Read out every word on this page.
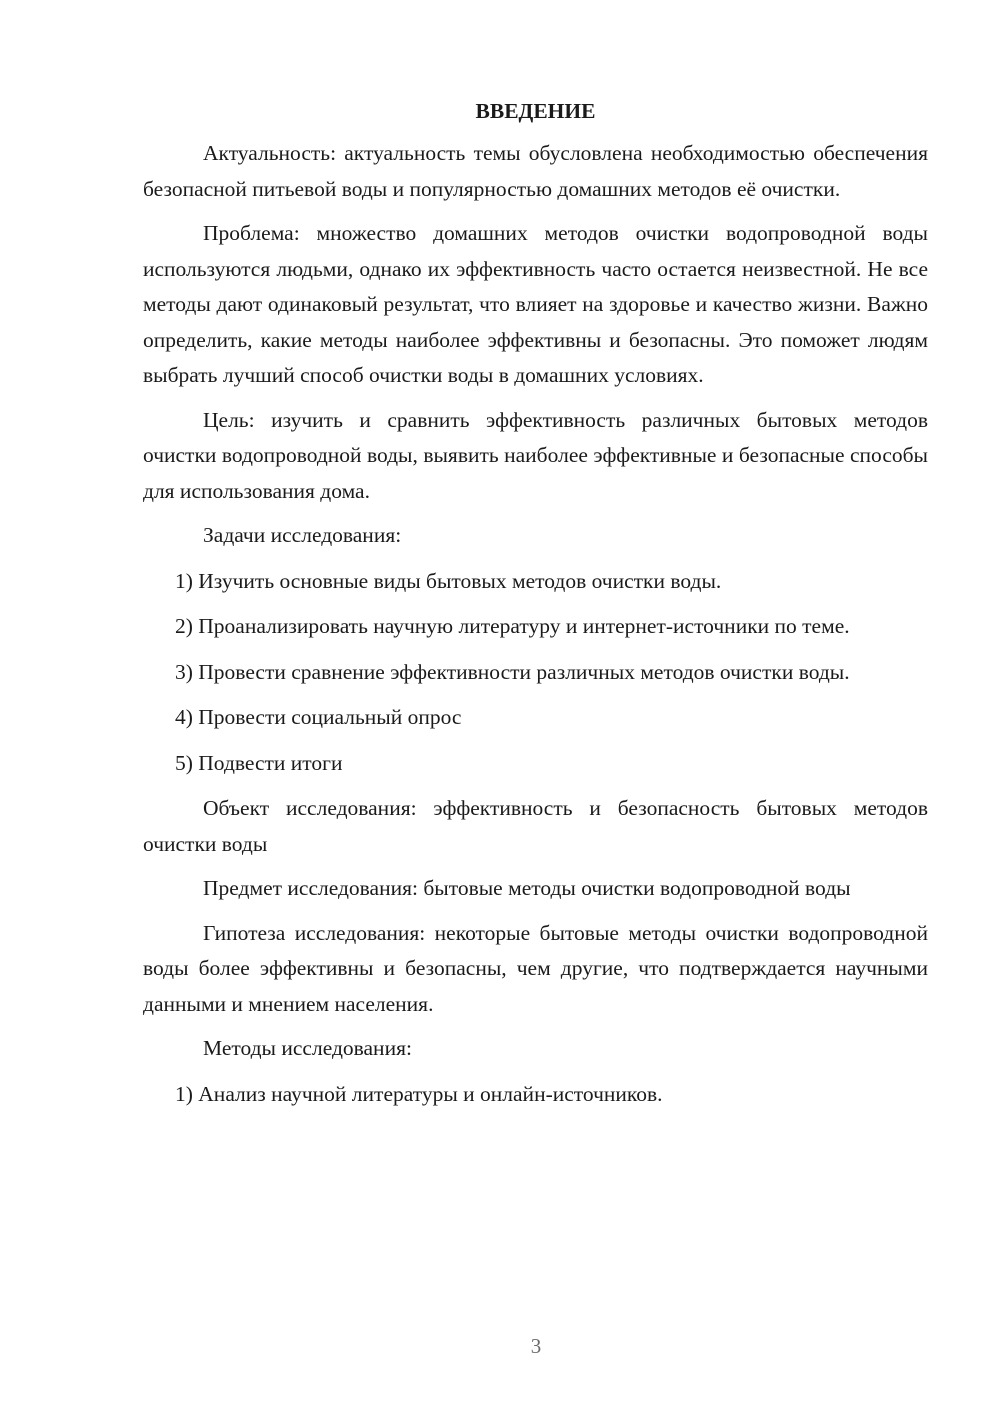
ВВЕДЕНИЕ

Актуальность: актуальность темы обусловлена необходимостью обеспечения безопасной питьевой воды и популярностью домашних методов её очистки.

Проблема: множество домашних методов очистки водопроводной воды используются людьми, однако их эффективность часто остается неизвестной. Не все методы дают одинаковый результат, что влияет на здоровье и качество жизни. Важно определить, какие методы наиболее эффективны и безопасны. Это поможет людям выбрать лучший способ очистки воды в домашних условиях.

Цель: изучить и сравнить эффективность различных бытовых методов очистки водопроводной воды, выявить наиболее эффективные и безопасные способы для использования дома.

Задачи исследования:

1) Изучить основные виды бытовых методов очистки воды.

2) Проанализировать научную литературу и интернет-источники по теме.

3) Провести сравнение эффективности различных методов очистки воды.

4) Провести социальный опрос

5) Подвести итоги

Объект исследования: эффективность и безопасность бытовых методов очистки воды

Предмет исследования: бытовые методы очистки водопроводной воды

Гипотеза исследования: некоторые бытовые методы очистки водопроводной воды более эффективны и безопасны, чем другие, что подтверждается научными данными и мнением населения.

Методы исследования:

1) Анализ научной литературы и онлайн-источников.

3
